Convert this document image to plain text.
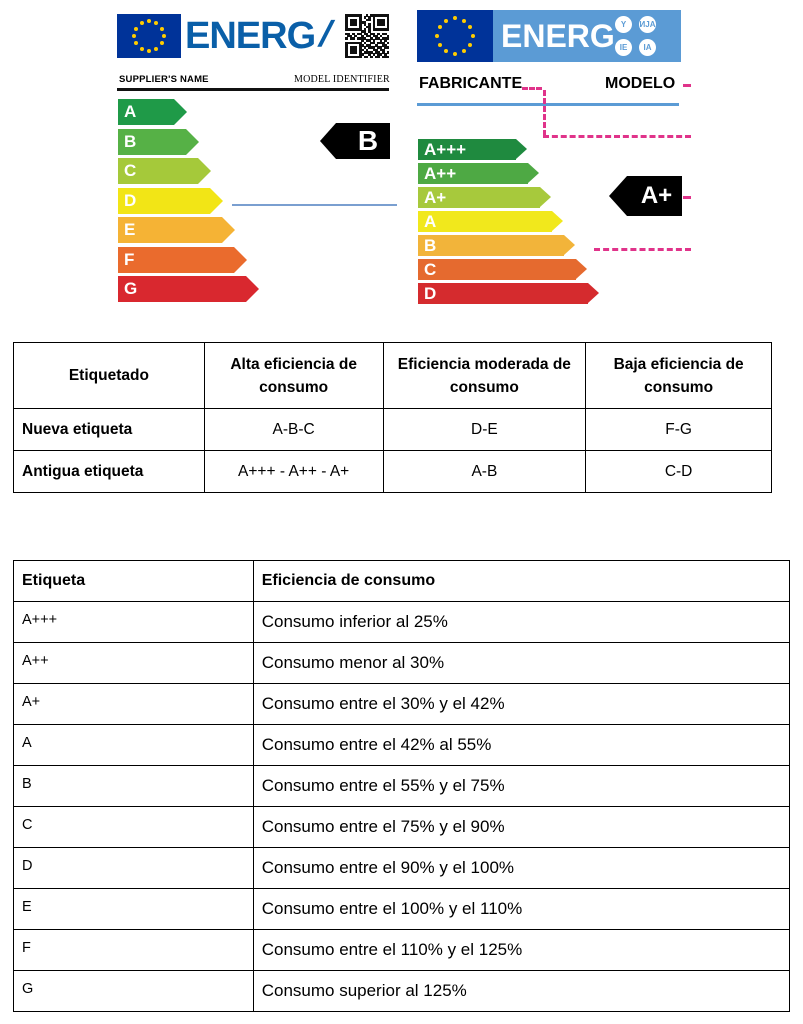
ENERG /
SUPPLIER'S NAME	MODEL IDENTIFIER
A
B
C
D
E
F
G
B
ENERG Y	ИJA
IE	IA
FABRICANTE	MODELO
A+++
A++
A+
A
B
C
D
A+
Etiquetado	Alta eficiencia de consumo	Eficiencia moderada de consumo	Baja eficiencia de consumo
Nueva etiqueta	A-B-C	D-E	F-G
Antigua etiqueta	A+++ - A++ - A+	A-B	C-D
Etiqueta	Eficiencia de consumo
A+++	Consumo inferior al 25%
A++	Consumo menor al 30%
A+	Consumo entre el 30% y el 42%
A	Consumo entre el 42% al 55%
B	Consumo entre el 55% y el 75%
C	Consumo entre el 75% y el 90%
D	Consumo entre el 90% y el 100%
E	Consumo entre el 100% y el 110%
F	Consumo entre el 110% y el 125%
G	Consumo superior al 125%
